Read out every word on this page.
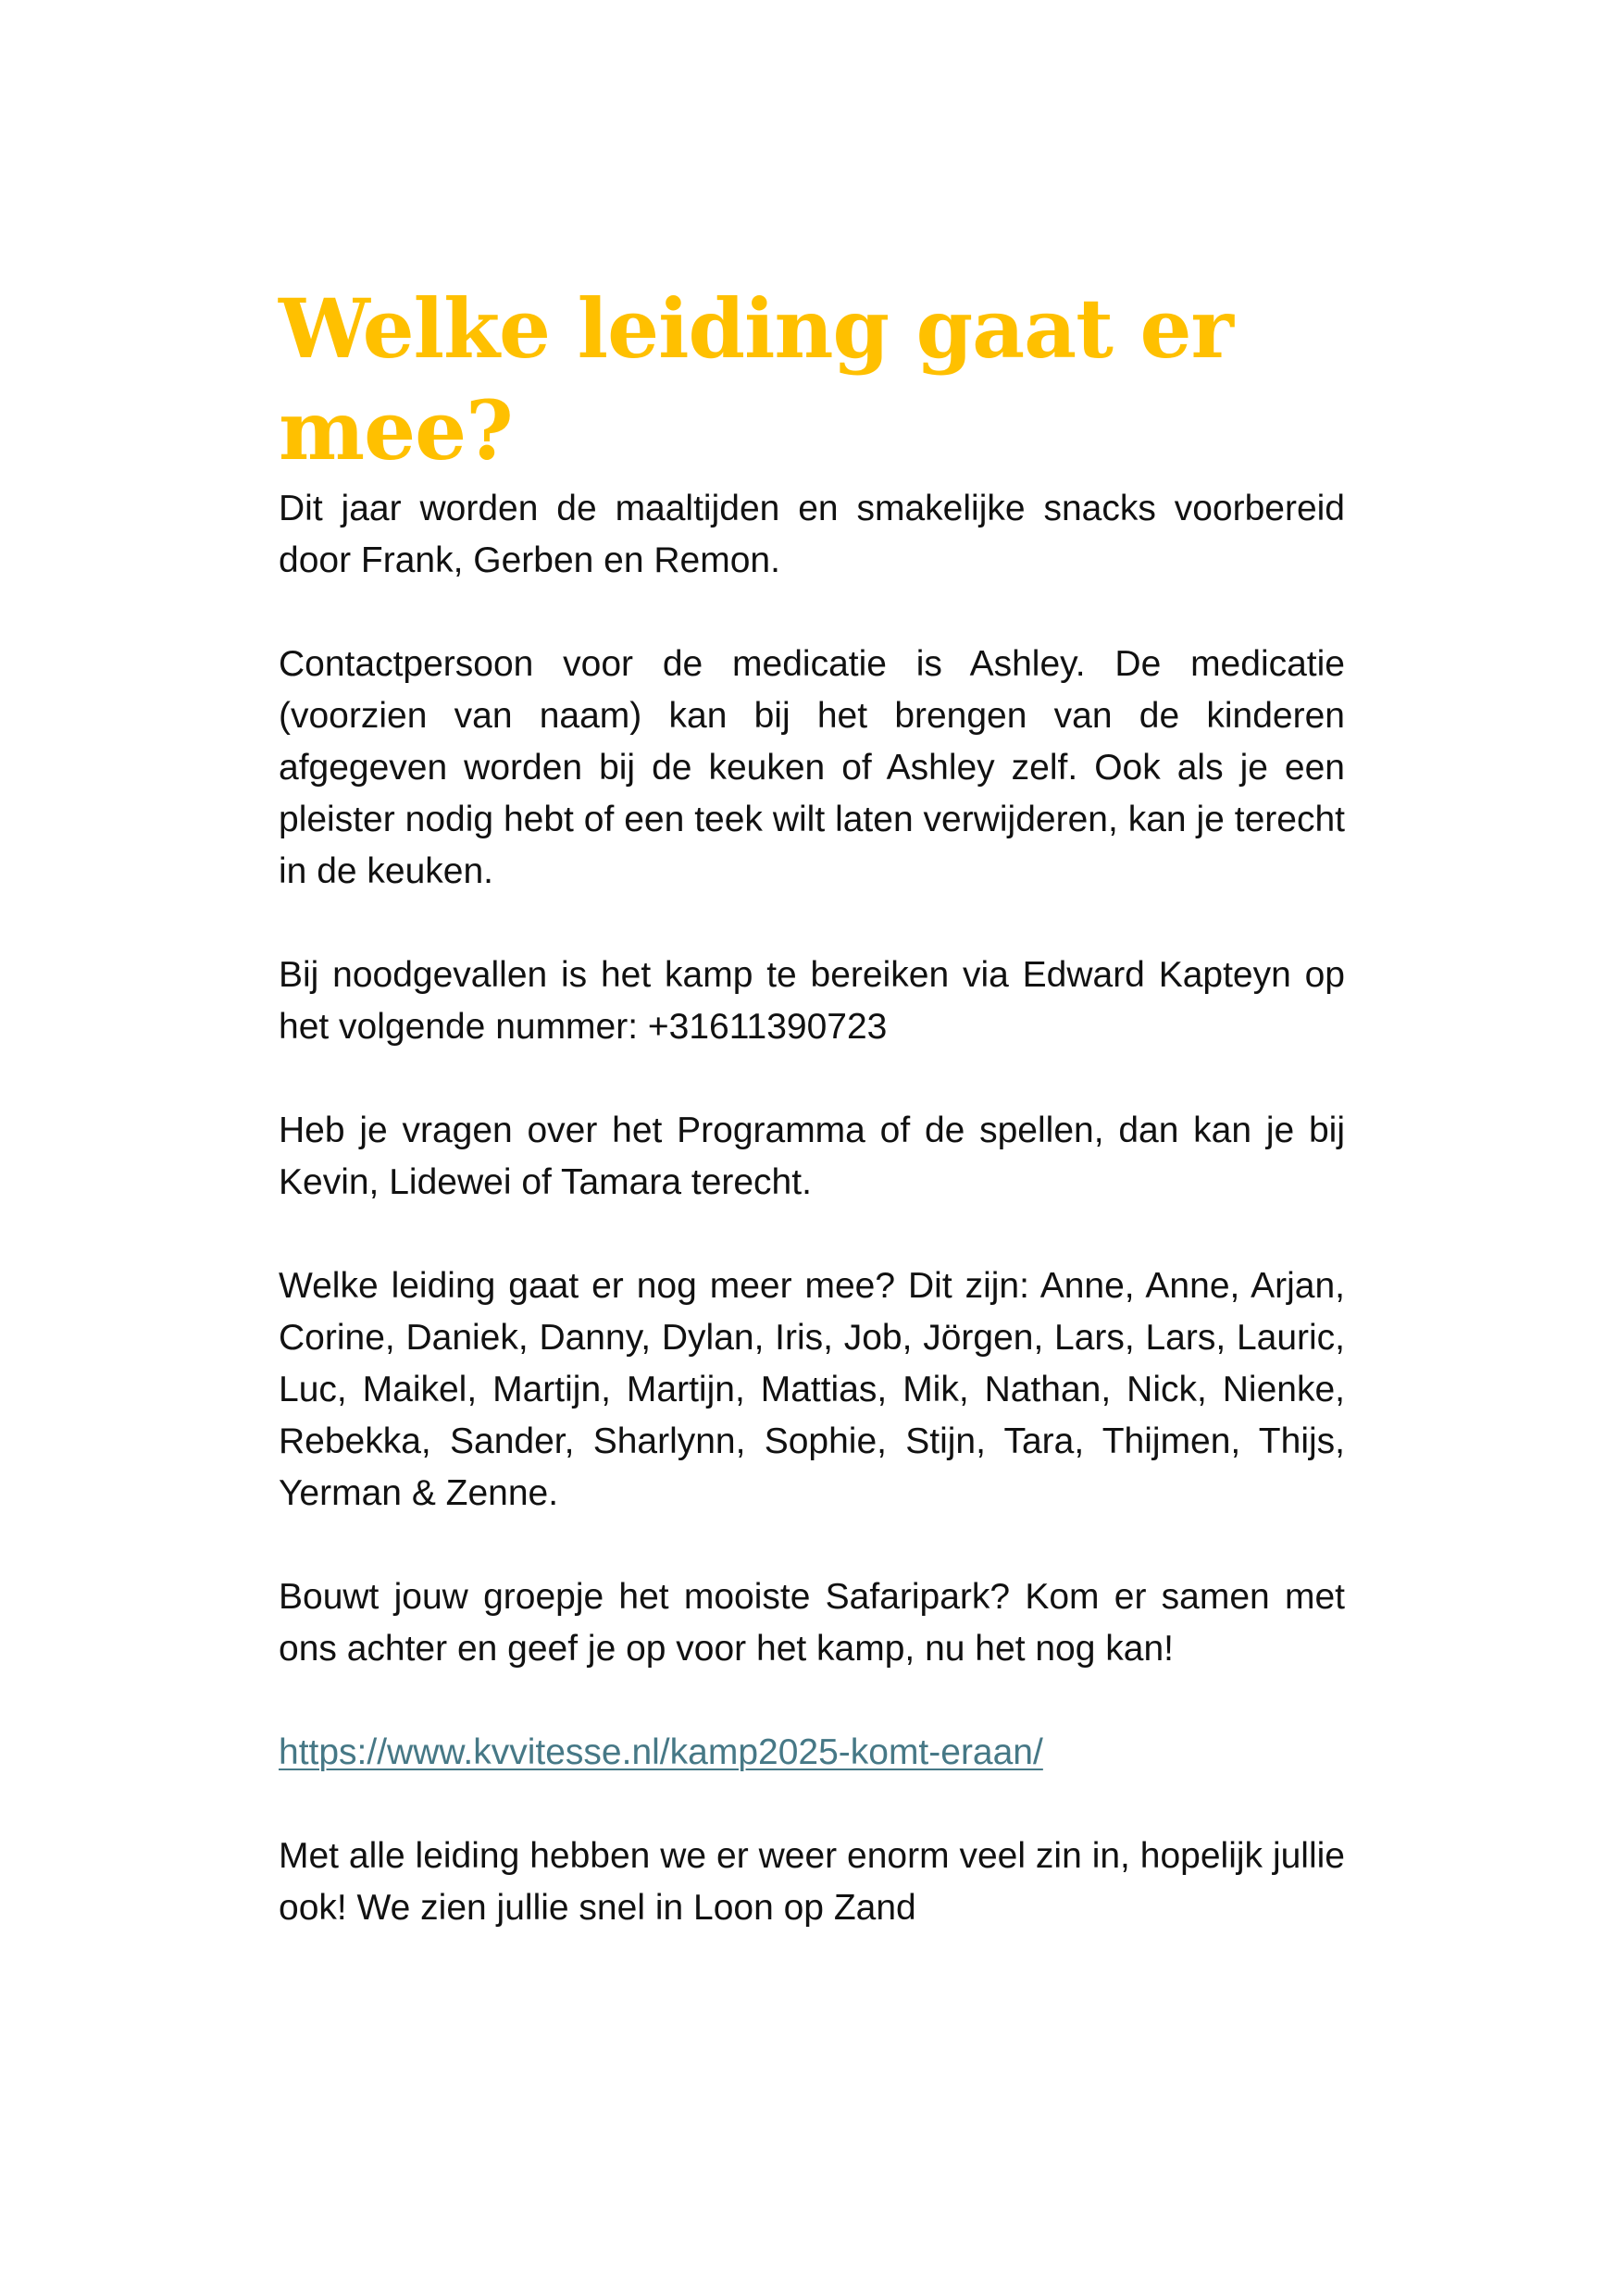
Welke leiding gaat er mee?

Dit jaar worden de maaltijden en smakelijke snacks voorbereid door Frank, Gerben en Remon.

Contactpersoon voor de medicatie is Ashley. De medicatie (voorzien van naam) kan bij het brengen van de kinderen afgegeven worden bij de keuken of Ashley zelf. Ook als je een pleister nodig hebt of een teek wilt laten verwijderen, kan je terecht in de keuken.

Bij noodgevallen is het kamp te bereiken via Edward Kapteyn op het volgende nummer: +31611390723

Heb je vragen over het Programma of de spellen, dan kan je bij Kevin, Lidewei of Tamara terecht.

Welke leiding gaat er nog meer mee? Dit zijn: Anne, Anne, Arjan, Corine, Daniek, Danny, Dylan, Iris, Job, Jörgen, Lars, Lars, Lauric, Luc, Maikel, Martijn, Martijn, Mattias, Mik, Nathan, Nick, Nienke, Rebekka, Sander, Sharlynn, Sophie, Stijn, Tara, Thijmen, Thijs, Yerman & Zenne.

Bouwt jouw groepje het mooiste Safaripark? Kom er samen met ons achter en geef je op voor het kamp, nu het nog kan!

https://www.kvvitesse.nl/kamp2025-komt-eraan/

Met alle leiding hebben we er weer enorm veel zin in, hopelijk jullie ook! We zien jullie snel in Loon op Zand
